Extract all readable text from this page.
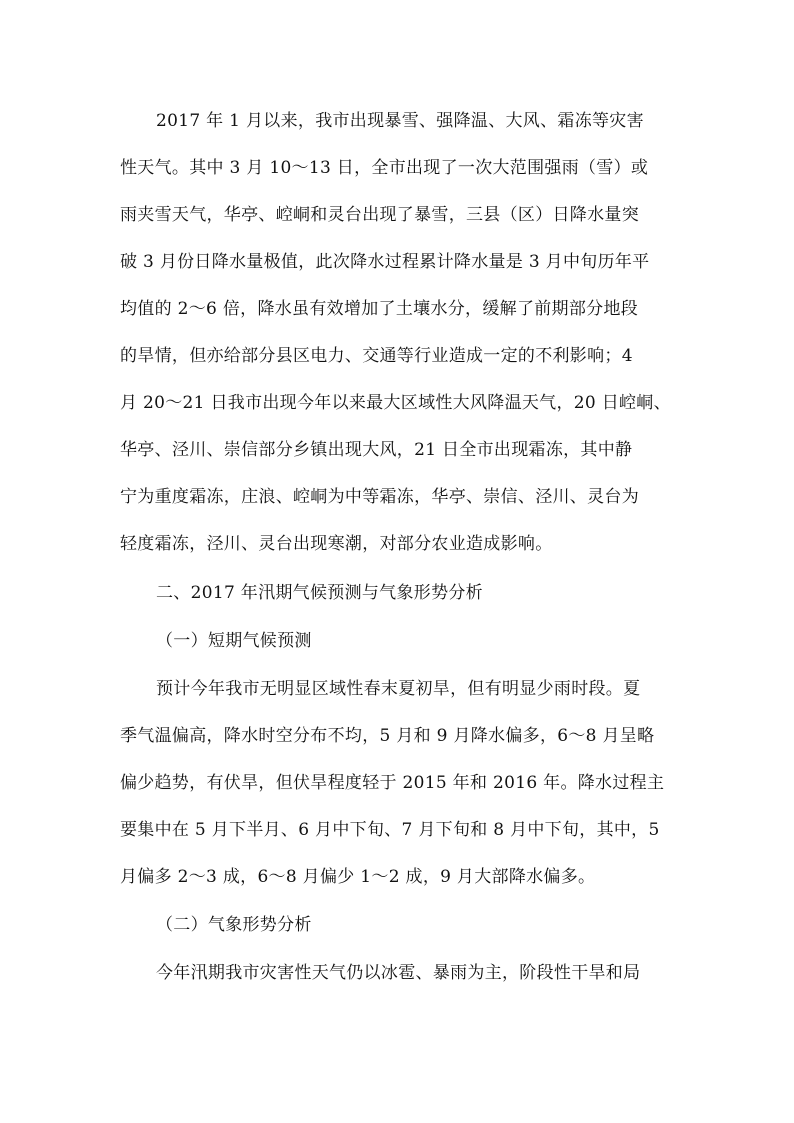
2017 年 1 月以来，我市出现暴雪、强降温、大风、霜冻等灾害
性天气。其中 3 月 10～13 日，全市出现了一次大范围强雨（雪）或
雨夹雪天气，华亭、崆峒和灵台出现了暴雪，三县（区）日降水量突
破 3 月份日降水量极值，此次降水过程累计降水量是 3 月中旬历年平
均值的 2～6 倍，降水虽有效增加了土壤水分，缓解了前期部分地段
的旱情，但亦给部分县区电力、交通等行业造成一定的不利影响；4
月 20～21 日我市出现今年以来最大区域性大风降温天气，20 日崆峒、
华亭、泾川、崇信部分乡镇出现大风，21 日全市出现霜冻，其中静
宁为重度霜冻，庄浪、崆峒为中等霜冻，华亭、崇信、泾川、灵台为
轻度霜冻，泾川、灵台出现寒潮，对部分农业造成影响。
二、2017 年汛期气候预测与气象形势分析
（一）短期气候预测
预计今年我市无明显区域性春末夏初旱，但有明显少雨时段。夏
季气温偏高，降水时空分布不均，5 月和 9 月降水偏多，6～8 月呈略
偏少趋势，有伏旱，但伏旱程度轻于 2015 年和 2016 年。降水过程主
要集中在 5 月下半月、6 月中下旬、7 月下旬和 8 月中下旬，其中，5
月偏多 2～3 成，6～8 月偏少 1～2 成，9 月大部降水偏多。
（二）气象形势分析
今年汛期我市灾害性天气仍以冰雹、暴雨为主，阶段性干旱和局
